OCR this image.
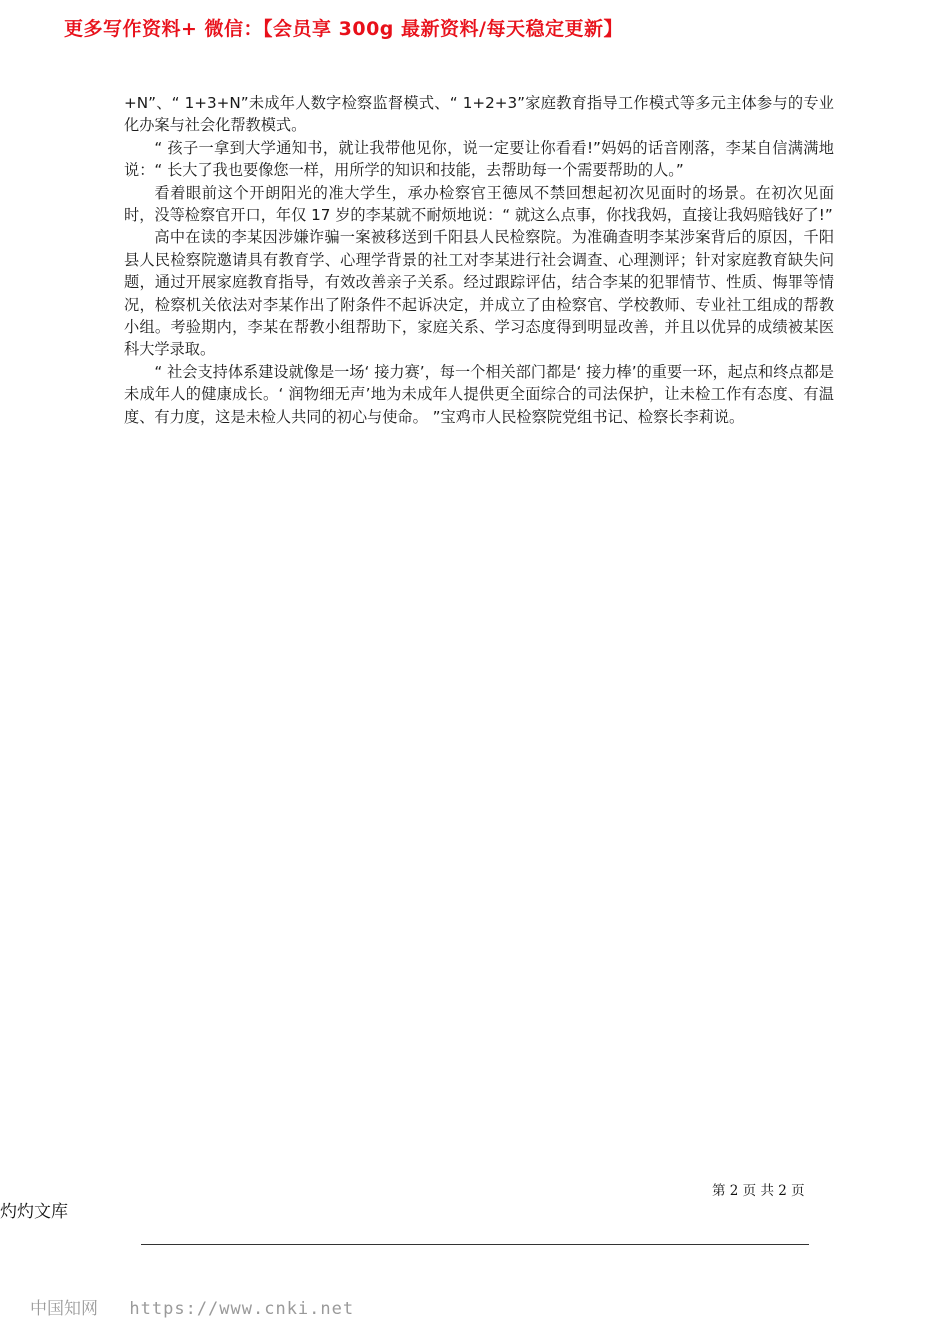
更多写作资料+ 微信：【会员享 300g 最新资料/每天稳定更新】

+N”、“ 1+3+N”未成年人数字检察监督模式、“ 1+2+3”家庭教育指导工作模式等多元主体参与的专业化办案与社会化帮教模式。

“ 孩子一拿到大学通知书，就让我带他见你，说一定要让你看看!”妈妈的话音刚落，李某自信满满地说：“ 长大了我也要像您一样，用所学的知识和技能，去帮助每一个需要帮助的人。”

看着眼前这个开朗阳光的准大学生，承办检察官王德凤不禁回想起初次见面时的场景。在初次见面时，没等检察官开口，年仅 17 岁的李某就不耐烦地说：“ 就这么点事，你找我妈，直接让我妈赔钱好了!”

高中在读的李某因涉嫌诈骗一案被移送到千阳县人民检察院。为准确查明李某涉案背后的原因，千阳县人民检察院邀请具有教育学、心理学背景的社工对李某进行社会调查、心理测评；针对家庭教育缺失问题，通过开展家庭教育指导，有效改善亲子关系。经过跟踪评估，结合李某的犯罪情节、性质、悔罪等情况，检察机关依法对李某作出了附条件不起诉决定，并成立了由检察官、学校教师、专业社工组成的帮教小组。考验期内，李某在帮教小组帮助下，家庭关系、学习态度得到明显改善，并且以优异的成绩被某医科大学录取。

“ 社会支持体系建设就像是一场‘ 接力赛’，每一个相关部门都是‘ 接力棒’的重要一环，起点和终点都是未成年人的健康成长。‘ 润物细无声’地为未成年人提供更全面综合的司法保护，让未检工作有态度、有温度、有力度，这是未检人共同的初心与使命。 ”宝鸡市人民检察院党组书记、检察长李莉说。

第 2 页 共 2 页
灼灼文库
中国知网 https://www.cnki.net
